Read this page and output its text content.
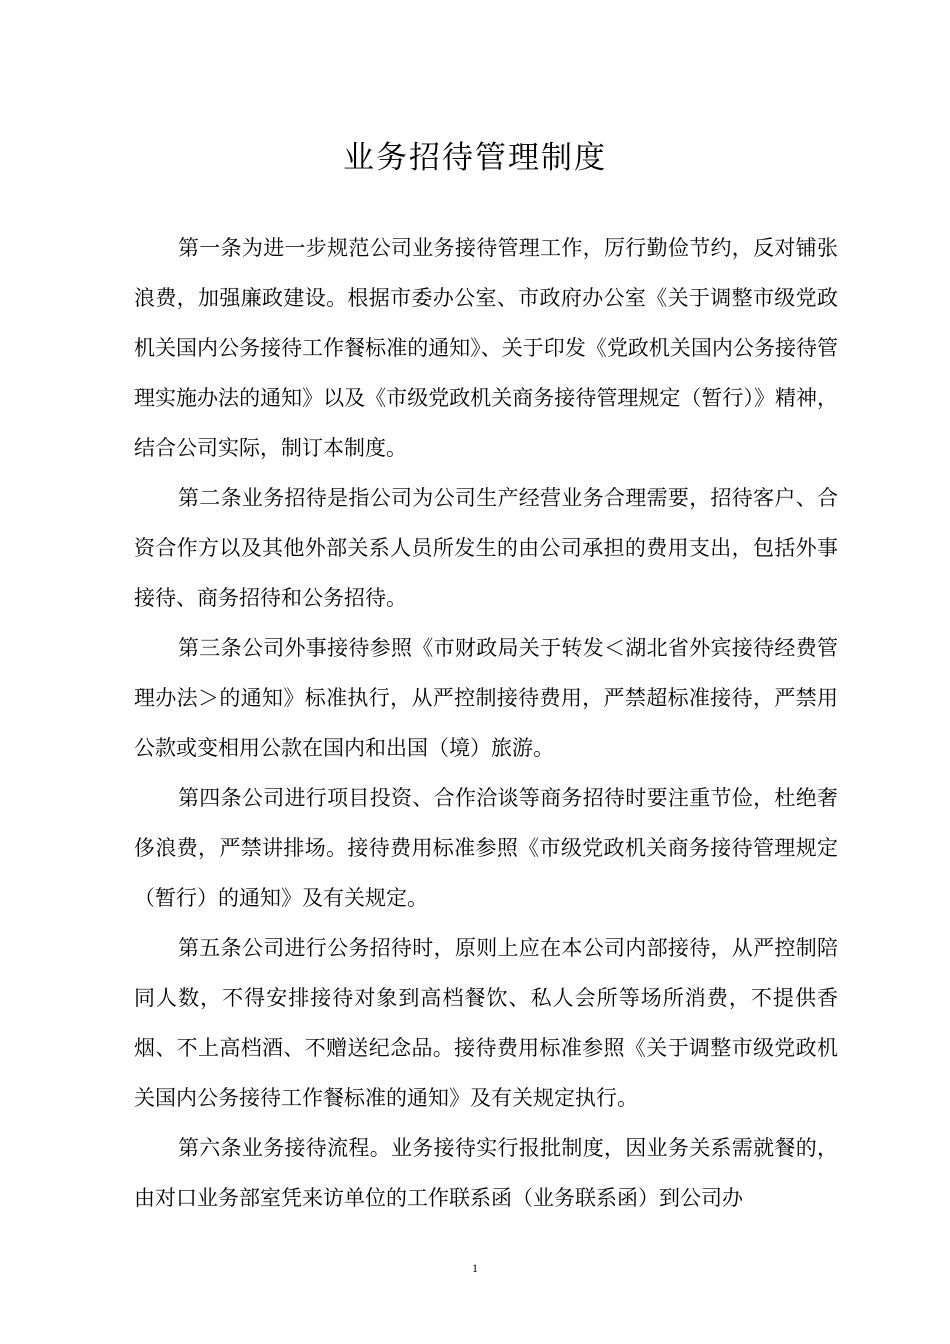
业务招待管理制度

第一条为进一步规范公司业务接待管理工作，厉行勤俭节约，反对铺张浪费，加强廉政建设。根据市委办公室、市政府办公室《关于调整市级党政机关国内公务接待工作餐标准的通知》、关于印发《党政机关国内公务接待管理实施办法的通知》以及《市级党政机关商务接待管理规定（暂行）》精神，结合公司实际，制订本制度。

第二条业务招待是指公司为公司生产经营业务合理需要，招待客户、合资合作方以及其他外部关系人员所发生的由公司承担的费用支出，包括外事接待、商务招待和公务招待。

第三条公司外事接待参照《市财政局关于转发＜湖北省外宾接待经费管理办法＞的通知》标准执行，从严控制接待费用，严禁超标准接待，严禁用公款或变相用公款在国内和出国（境）旅游。

第四条公司进行项目投资、合作洽谈等商务招待时要注重节俭，杜绝奢侈浪费，严禁讲排场。接待费用标准参照《市级党政机关商务接待管理规定（暂行）的通知》及有关规定。

第五条公司进行公务招待时，原则上应在本公司内部接待，从严控制陪同人数，不得安排接待对象到高档餐饮、私人会所等场所消费，不提供香烟、不上高档酒、不赠送纪念品。接待费用标准参照《关于调整市级党政机关国内公务接待工作餐标准的通知》及有关规定执行。

第六条业务接待流程。业务接待实行报批制度，因业务关系需就餐的，由对口业务部室凭来访单位的工作联系函（业务联系函）到公司办

1
